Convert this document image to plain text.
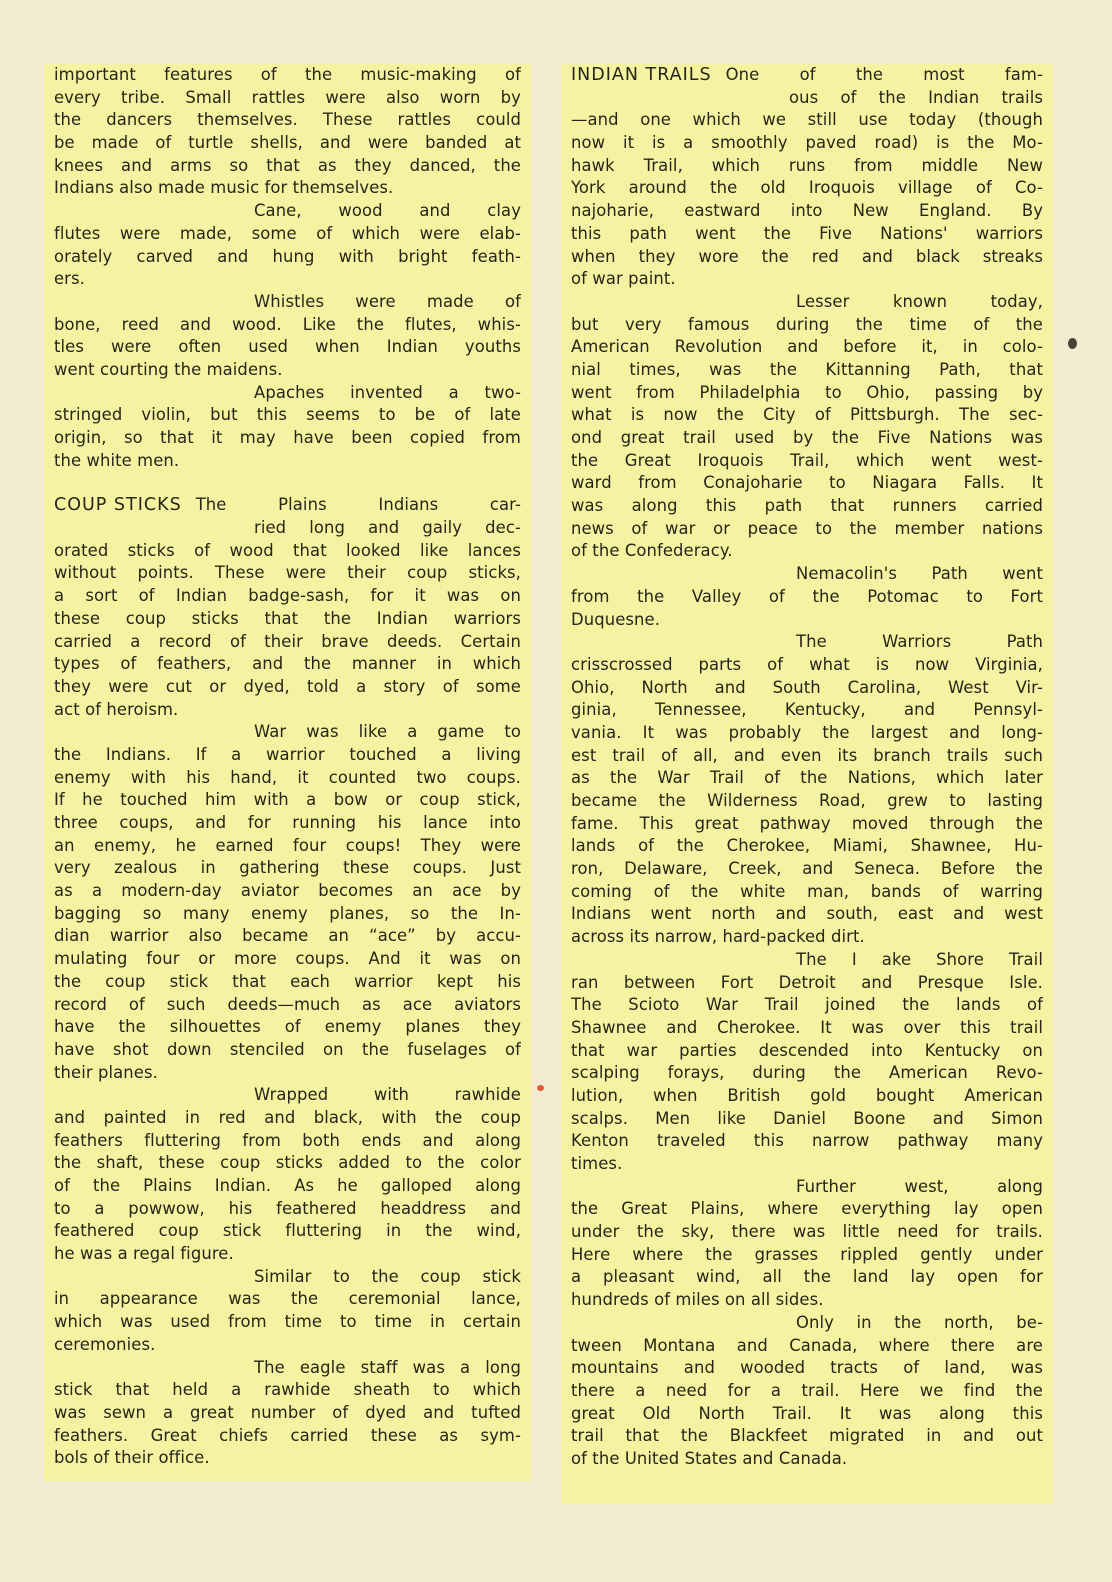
important features of the music-making of
every tribe. Small rattles were also worn by
the dancers themselves. These rattles could
be made of turtle shells, and were banded at
knees and arms so that as they danced, the
Indians also made music for themselves.
Cane, wood and clay
flutes were made, some of which were elab-
orately carved and hung with bright feath-
ers.
Whistles were made of
bone, reed and wood. Like the flutes, whis-
tles were often used when Indian youths
went courting the maidens.
Apaches invented a two-
stringed violin, but this seems to be of late
origin, so that it may have been copied from
the white men.
COUP STICKS The Plains Indians car-
ried long and gaily dec-
orated sticks of wood that looked like lances
without points. These were their coup sticks,
a sort of Indian badge-sash, for it was on
these coup sticks that the Indian warriors
carried a record of their brave deeds. Certain
types of feathers, and the manner in which
they were cut or dyed, told a story of some
act of heroism.
War was like a game to
the Indians. If a warrior touched a living
enemy with his hand, it counted two coups.
If he touched him with a bow or coup stick,
three coups, and for running his lance into
an enemy, he earned four coups! They were
very zealous in gathering these coups. Just
as a modern-day aviator becomes an ace by
bagging so many enemy planes, so the In-
dian warrior also became an “ace” by accu-
mulating four or more coups. And it was on
the coup stick that each warrior kept his
record of such deeds—much as ace aviators
have the silhouettes of enemy planes they
have shot down stenciled on the fuselages of
their planes.
Wrapped with rawhide
and painted in red and black, with the coup
feathers fluttering from both ends and along
the shaft, these coup sticks added to the color
of the Plains Indian. As he galloped along
to a powwow, his feathered headdress and
feathered coup stick fluttering in the wind,
he was a regal figure.
Similar to the coup stick
in appearance was the ceremonial lance,
which was used from time to time in certain
ceremonies.
The eagle staff was a long
stick that held a rawhide sheath to which
was sewn a great number of dyed and tufted
feathers. Great chiefs carried these as sym-
bols of their office.
INDIAN TRAILS One of the most fam-
ous of the Indian trails
—and one which we still use today (though
now it is a smoothly paved road) is the Mo-
hawk Trail, which runs from middle New
York around the old Iroquois village of Co-
najoharie, eastward into New England. By
this path went the Five Nations' warriors
when they wore the red and black streaks
of war paint.
Lesser known today,
but very famous during the time of the
American Revolution and before it, in colo-
nial times, was the Kittanning Path, that
went from Philadelphia to Ohio, passing by
what is now the City of Pittsburgh. The sec-
ond great trail used by the Five Nations was
the Great Iroquois Trail, which went west-
ward from Conajoharie to Niagara Falls. It
was along this path that runners carried
news of war or peace to the member nations
of the Confederacy.
Nemacolin's Path went
from the Valley of the Potomac to Fort
Duquesne.
The Warriors Path
crisscrossed parts of what is now Virginia,
Ohio, North and South Carolina, West Vir-
ginia, Tennessee, Kentucky, and Pennsyl-
vania. It was probably the largest and long-
est trail of all, and even its branch trails such
as the War Trail of the Nations, which later
became the Wilderness Road, grew to lasting
fame. This great pathway moved through the
lands of the Cherokee, Miami, Shawnee, Hu-
ron, Delaware, Creek, and Seneca. Before the
coming of the white man, bands of warring
Indians went north and south, east and west
across its narrow, hard-packed dirt.
The I ake Shore Trail
ran between Fort Detroit and Presque Isle.
The Scioto War Trail joined the lands of
Shawnee and Cherokee. It was over this trail
that war parties descended into Kentucky on
scalping forays, during the American Revo-
lution, when British gold bought American
scalps. Men like Daniel Boone and Simon
Kenton traveled this narrow pathway many
times.
Further west, along
the Great Plains, where everything lay open
under the sky, there was little need for trails.
Here where the grasses rippled gently under
a pleasant wind, all the land lay open for
hundreds of miles on all sides.
Only in the north, be-
tween Montana and Canada, where there are
mountains and wooded tracts of land, was
there a need for a trail. Here we find the
great Old North Trail. It was along this
trail that the Blackfeet migrated in and out
of the United States and Canada.
